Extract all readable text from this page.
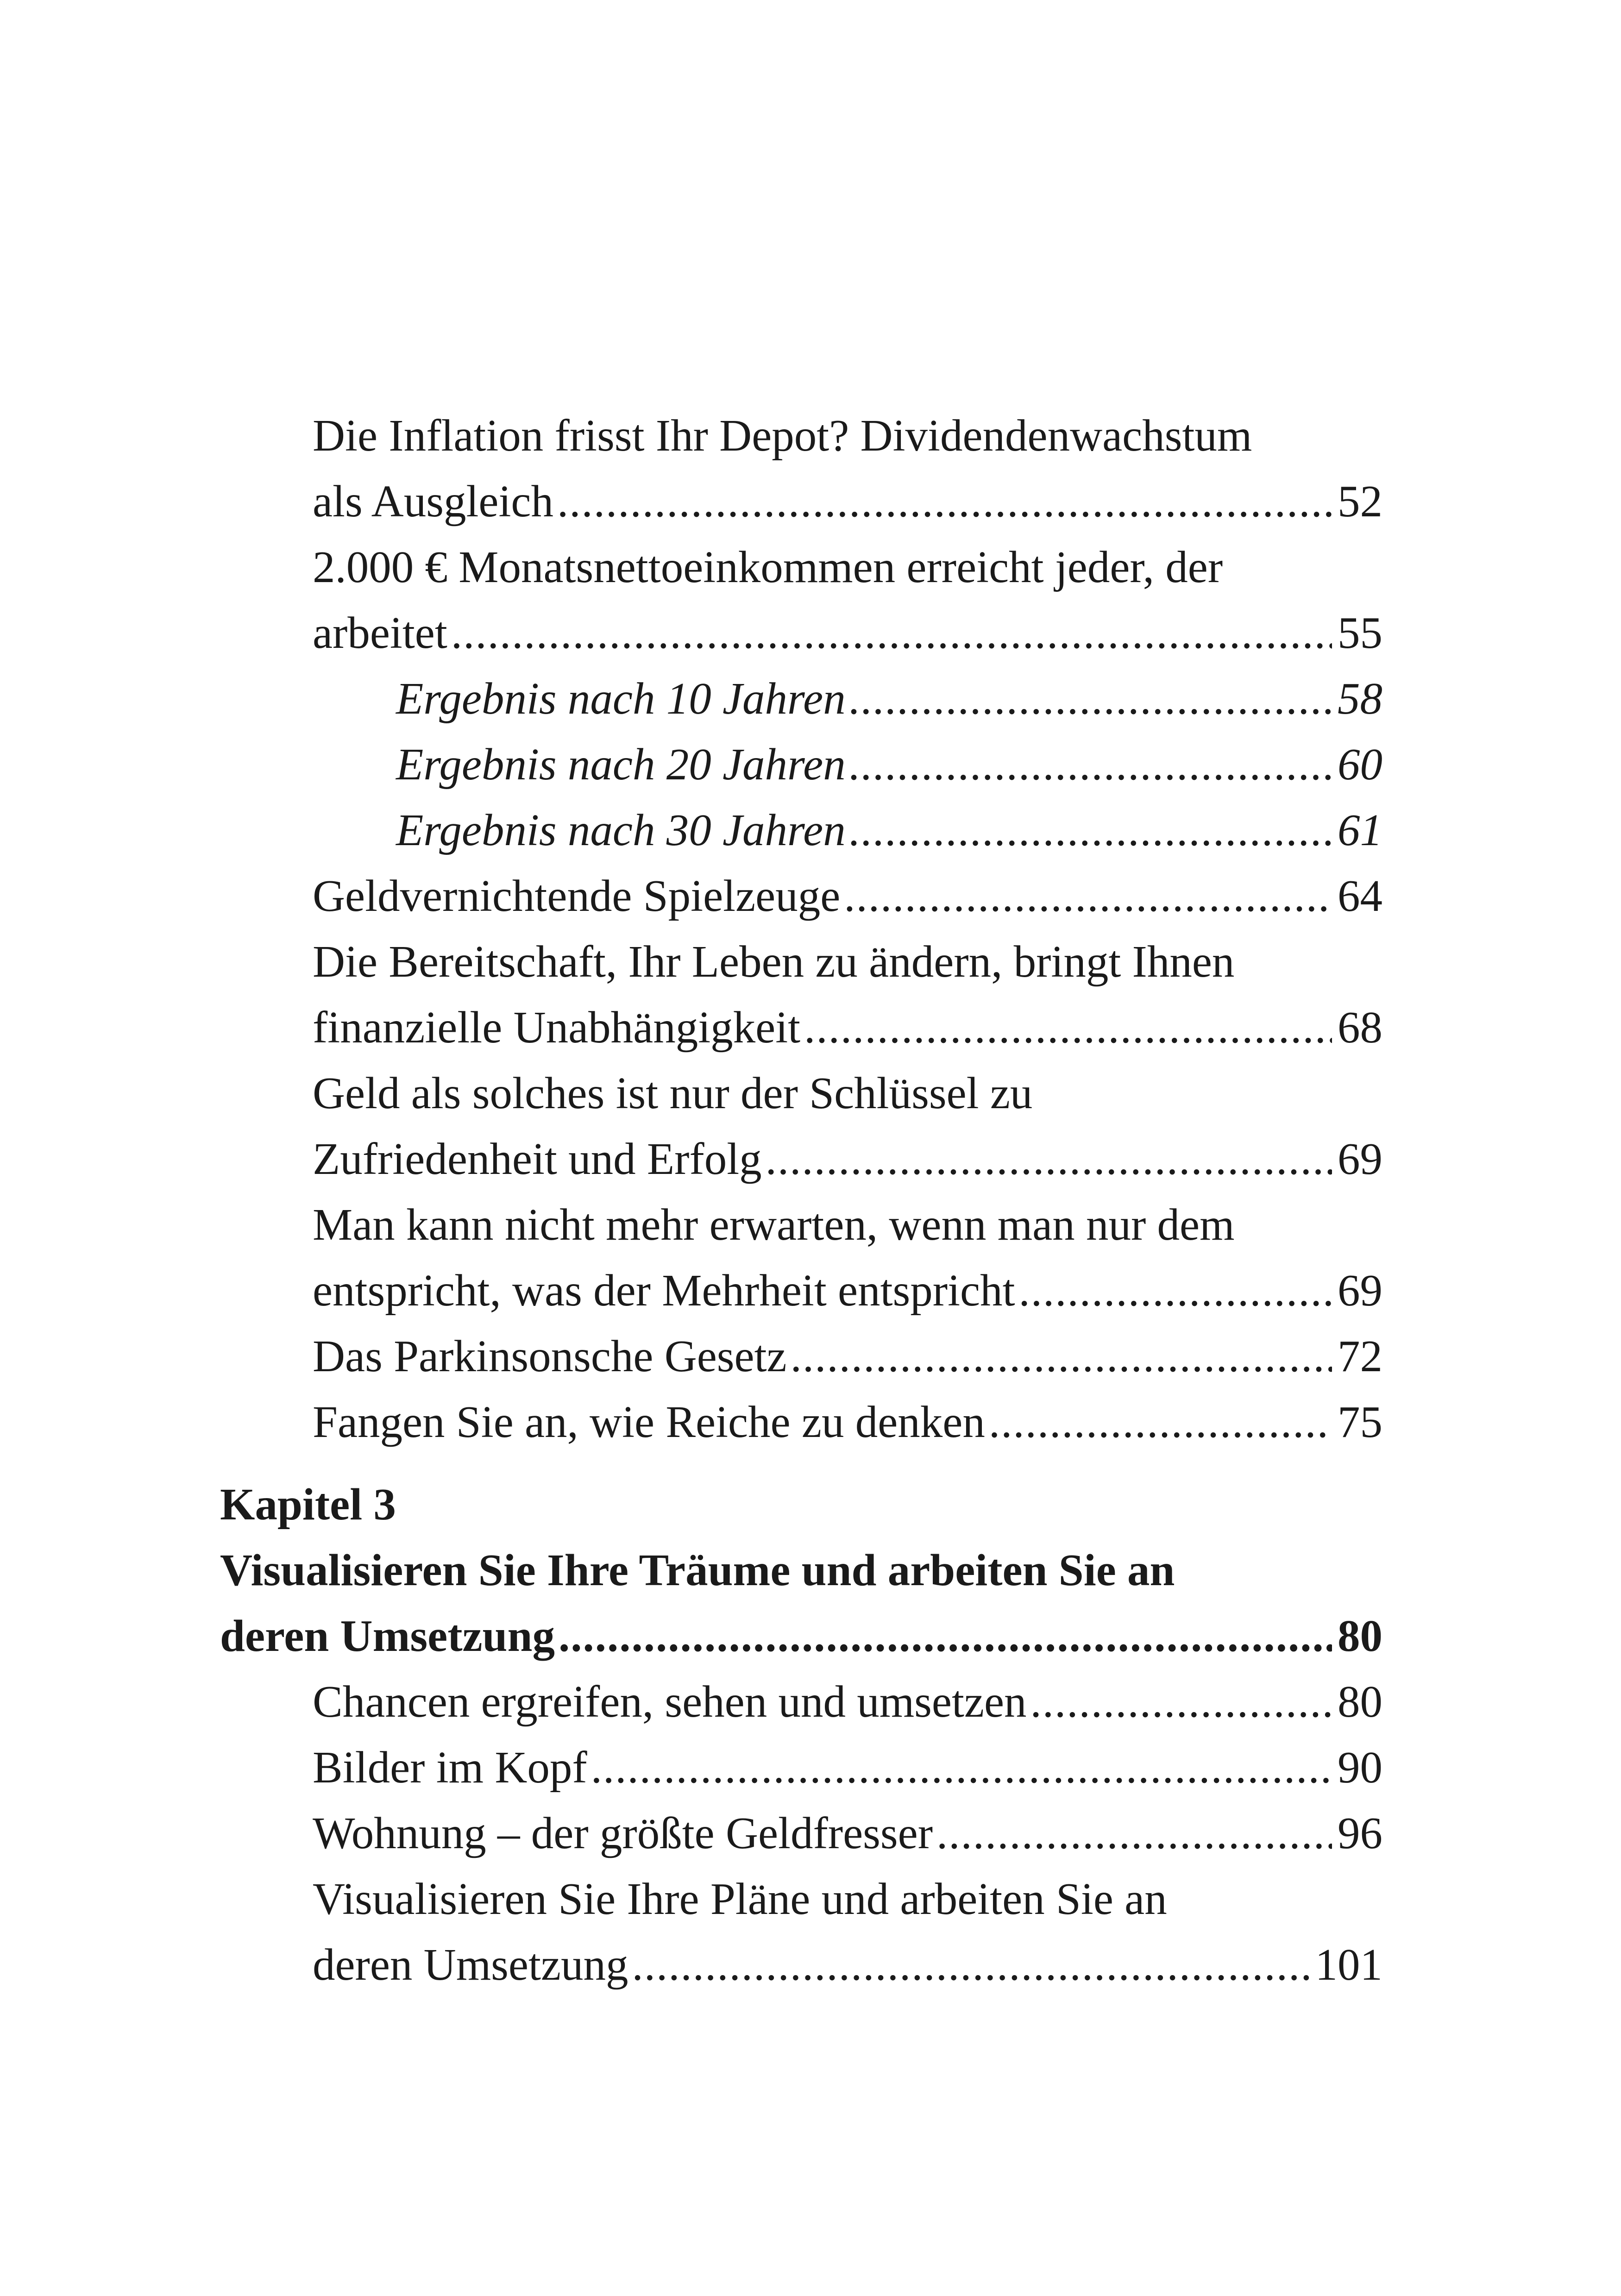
Die Inflation frisst Ihr Depot? Dividendenwachstum
als Ausgleich .....	52
2.000 € Monatsnettoeinkommen erreicht jeder, der
arbeitet .....	55
Ergebnis nach 10 Jahren .....	58
Ergebnis nach 20 Jahren .....	60
Ergebnis nach 30 Jahren .....	61
Geldvernichtende Spielzeuge .....	64
Die Bereitschaft, Ihr Leben zu ändern, bringt Ihnen
finanzielle Unabhängigkeit .....	68
Geld als solches ist nur der Schlüssel zu
Zufriedenheit und Erfolg .....	69
Man kann nicht mehr erwarten, wenn man nur dem
entspricht, was der Mehrheit entspricht .....	69
Das Parkinsonsche Gesetz .....	72
Fangen Sie an, wie Reiche zu denken .....	75
Kapitel 3
Visualisieren Sie Ihre Träume und arbeiten Sie an
deren Umsetzung .....	80
Chancen ergreifen, sehen und umsetzen .....	80
Bilder im Kopf .....	90
Wohnung – der größte Geldfresser .....	96
Visualisieren Sie Ihre Pläne und arbeiten Sie an
deren Umsetzung .....	101
